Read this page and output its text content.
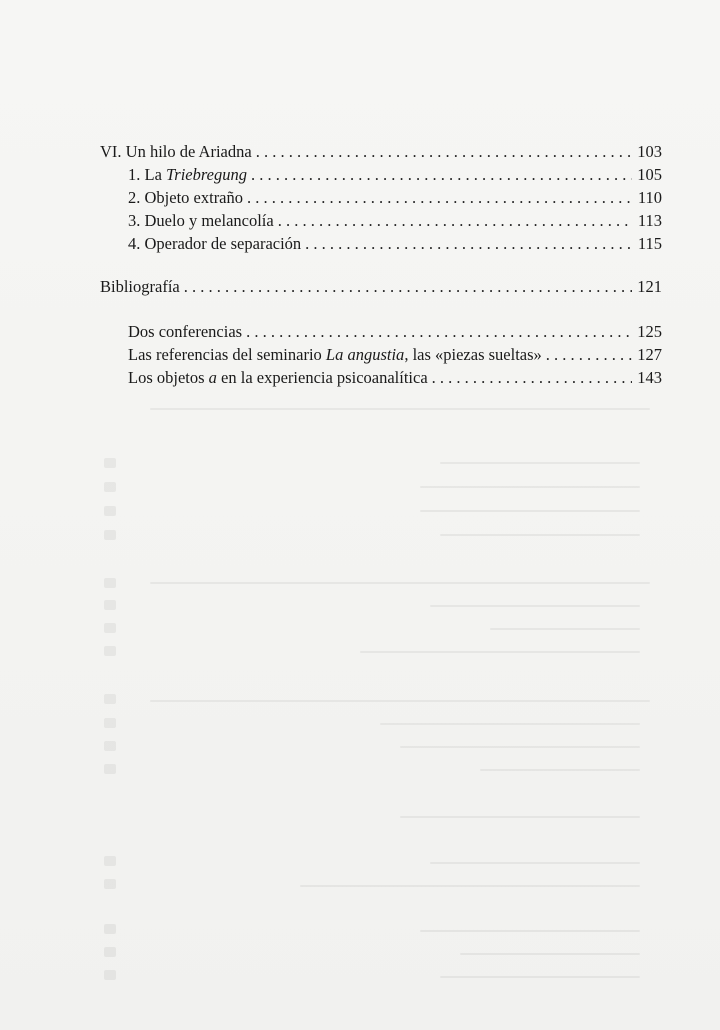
VI. Un hilo de Ariadna . . .	103
1. La Triebregung . . .	105
2. Objeto extraño . . .	110
3. Duelo y melancolía . . .	113
4. Operador de separación . . .	115
Bibliografía . . .	121
Dos conferencias . . .	125
Las referencias del seminario La angustia, las «piezas sueltas» . . .	127
Los objetos a en la experiencia psicoanalítica . . .	143
